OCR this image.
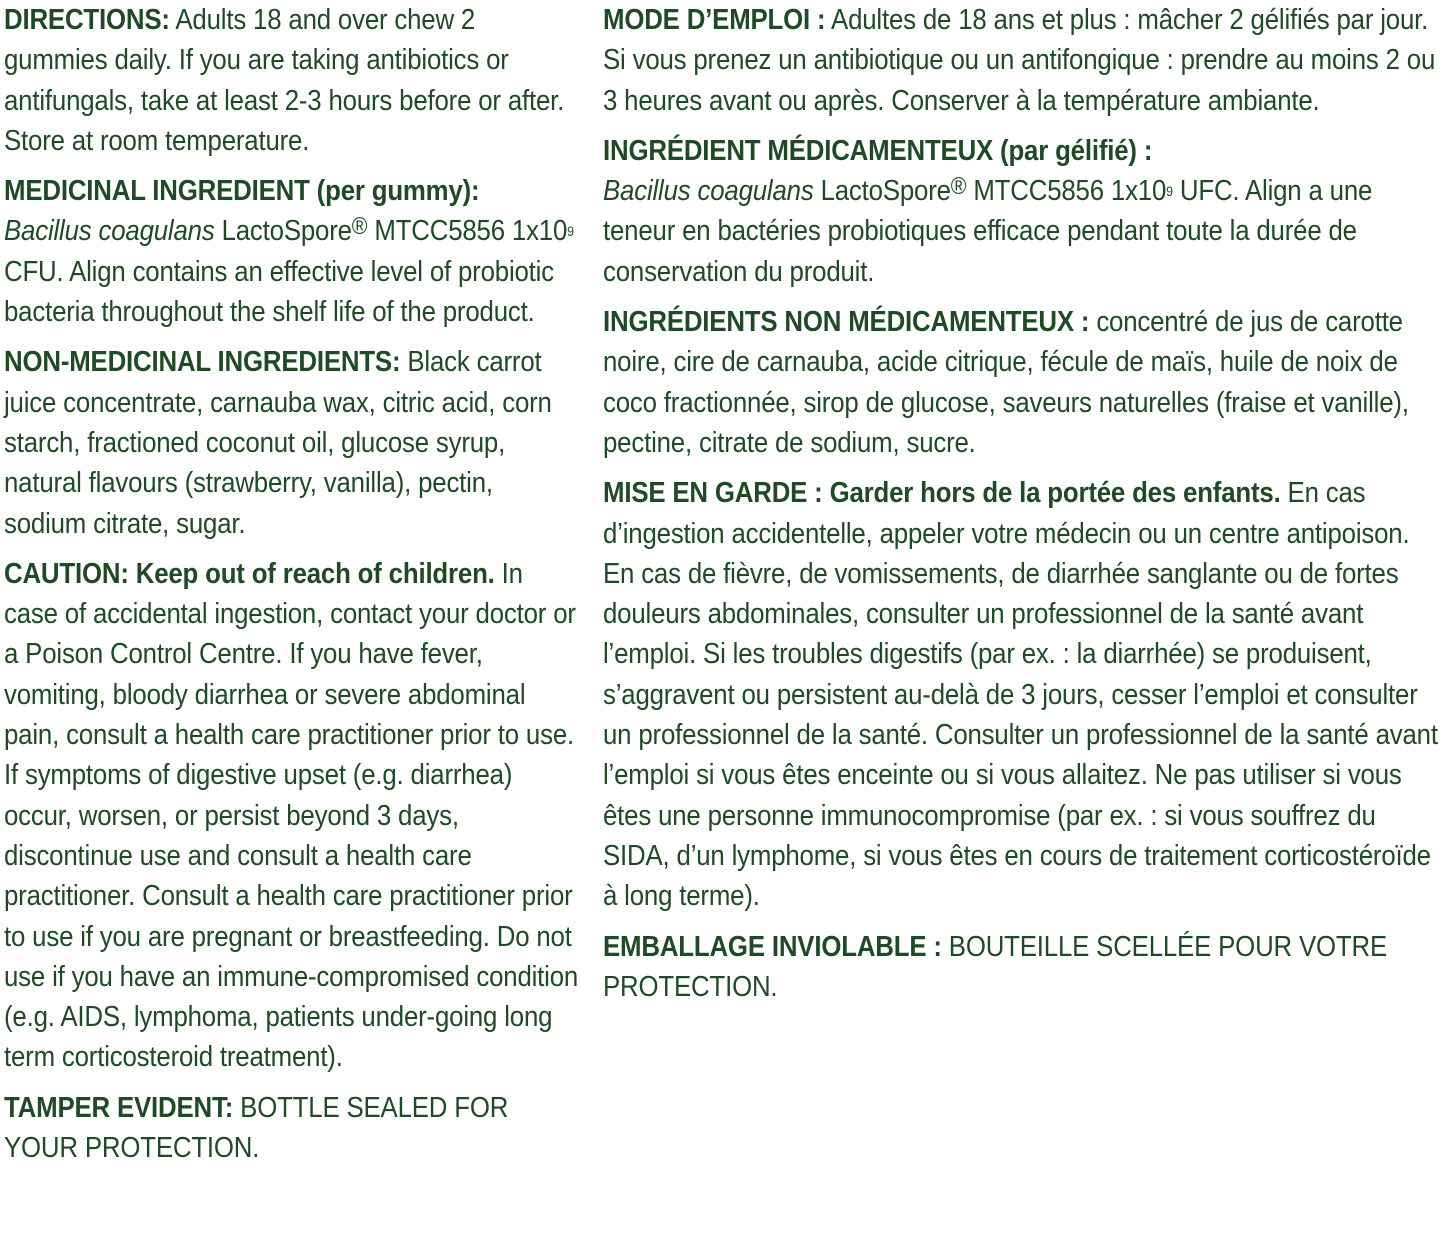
DIRECTIONS: Adults 18 and over chew 2 gummies daily. If you are taking antibiotics or antifungals, take at least 2-3 hours before or after. Store at room temperature.

MEDICINAL INGREDIENT (per gummy):
Bacillus coagulans LactoSpore® MTCC5856 $1x10^9$ CFU. Align contains an effective level of probiotic bacteria throughout the shelf life of the product.

NON-MEDICINAL INGREDIENTS: Black carrot juice concentrate, carnauba wax, citric acid, corn starch, fractioned coconut oil, glucose syrup, natural flavours (strawberry, vanilla), pectin, sodium citrate, sugar.

CAUTION: Keep out of reach of children. In case of accidental ingestion, contact your doctor or a Poison Control Centre. If you have fever, vomiting, bloody diarrhea or severe abdominal pain, consult a health care practitioner prior to use. If symptoms of digestive upset (e.g. diarrhea) occur, worsen, or persist beyond 3 days, discontinue use and consult a health care practitioner. Consult a health care practitioner prior to use if you are pregnant or breastfeeding. Do not use if you have an immune-compromised condition (e.g. AIDS, lymphoma, patients under-going long term corticosteroid treatment).

TAMPER EVIDENT: BOTTLE SEALED FOR YOUR PROTECTION.

MODE D’EMPLOI : Adultes de 18 ans et plus : mâcher 2 gélifiés par jour. Si vous prenez un antibiotique ou un antifongique : prendre au moins 2 ou 3 heures avant ou après. Conserver à la température ambiante.

INGRÉDIENT MÉDICAMENTEUX (par gélifié) :
Bacillus coagulans LactoSpore® MTCC5856 $1x10^9$ UFC. Align a une teneur en bactéries probiotiques efficace pendant toute la durée de conservation du produit.

INGRÉDIENTS NON MÉDICAMENTEUX : concentré de jus de carotte noire, cire de carnauba, acide citrique, fécule de maïs, huile de noix de coco fractionnée, sirop de glucose, saveurs naturelles (fraise et vanille), pectine, citrate de sodium, sucre.

MISE EN GARDE : Garder hors de la portée des enfants. En cas d’ingestion accidentelle, appeler votre médecin ou un centre antipoison. En cas de fièvre, de vomissements, de diarrhée sanglante ou de fortes douleurs abdominales, consulter un professionnel de la santé avant l’emploi. Si les troubles digestifs (par ex. : la diarrhée) se produisent, s’aggravent ou persistent au-delà de 3 jours, cesser l’emploi et consulter un professionnel de la santé. Consulter un professionnel de la santé avant l’emploi si vous êtes enceinte ou si vous allaitez. Ne pas utiliser si vous êtes une personne immunocompromise (par ex. : si vous souffrez du SIDA, d’un lymphome, si vous êtes en cours de traitement corticostéroïde à long terme).

EMBALLAGE INVIOLABLE : BOUTEILLE SCELLÉE POUR VOTRE PROTECTION.
